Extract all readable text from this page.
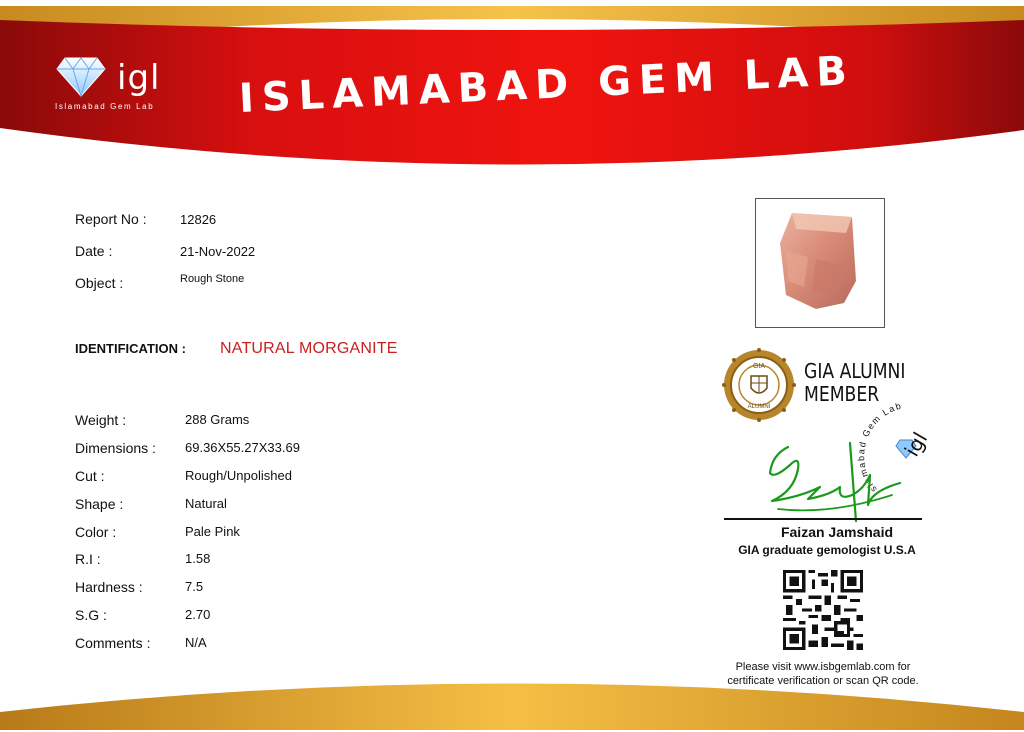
igl
Islamabad Gem Lab	ISLAMABAD GEM LAB
Report No :	12826
Date :	21-Nov-2022
Object :	Rough Stone
IDENTIFICATION : NATURAL MORGANITE
Weight :	288 Grams
Dimensions : 69.36X55.27X33.69
Cut :	Rough/Unpolished
Shape :	Natural
Color :	Pale Pink
R.I :	1.58
Hardness :	7.5
S.G :	2.70
Comments :	N/A
GIA
ALUMNI
GIA ALUMNI
MEMBER
Islamabad Gem Lab
igl
Faizan Jamshaid
GIA graduate gemologist U.S.A
Please visit www.isbgemlab.com for
certificate verification or scan QR code.
